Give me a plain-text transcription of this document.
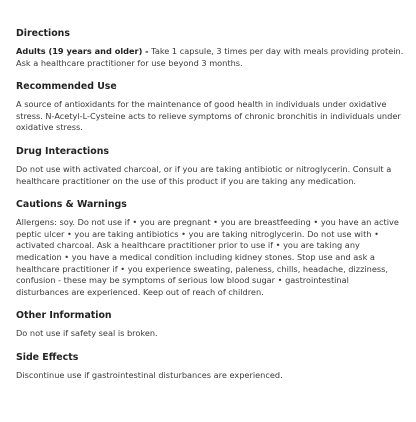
Directions

Adults (19 years and older) - Take 1 capsule, 3 times per day with meals providing protein. Ask a healthcare practitioner for use beyond 3 months.

Recommended Use

A source of antioxidants for the maintenance of good health in individuals under oxidative stress. N-Acetyl-L-Cysteine acts to relieve symptoms of chronic bronchitis in individuals under oxidative stress.

Drug Interactions

Do not use with activated charcoal, or if you are taking antibiotic or nitroglycerin. Consult a healthcare practitioner on the use of this product if you are taking any medication.

Cautions & Warnings

Allergens: soy. Do not use if • you are pregnant • you are breastfeeding • you have an active peptic ulcer • you are taking antibiotics • you are taking nitroglycerin. Do not use with • activated charcoal. Ask a healthcare practitioner prior to use if • you are taking any medication • you have a medical condition including kidney stones. Stop use and ask a healthcare practitioner if • you experience sweating, paleness, chills, headache, dizziness, confusion - these may be symptoms of serious low blood sugar • gastrointestinal disturbances are experienced. Keep out of reach of children.

Other Information

Do not use if safety seal is broken.

Side Effects

Discontinue use if gastrointestinal disturbances are experienced.
